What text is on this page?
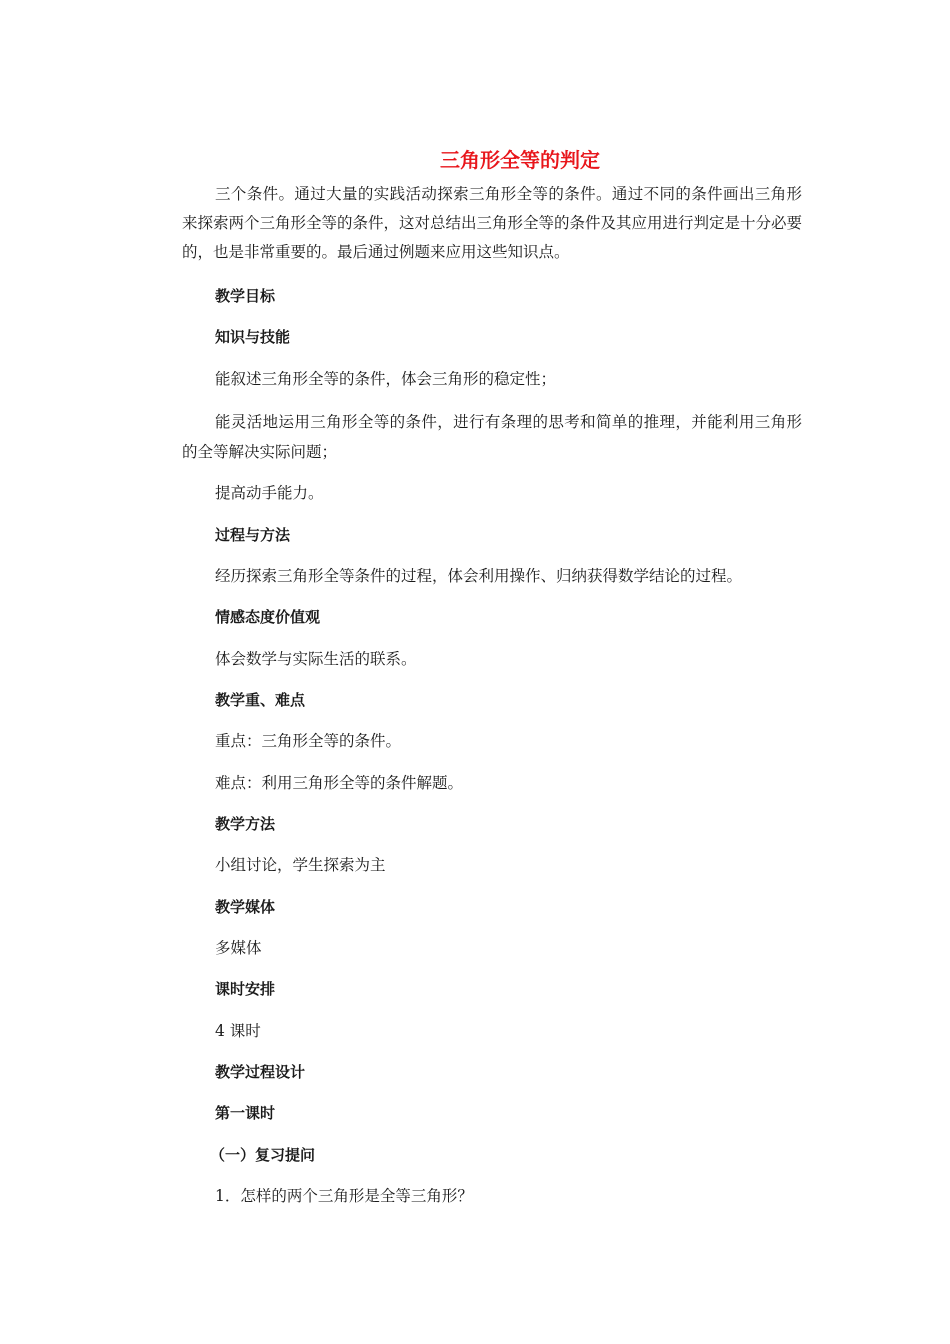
三角形全等的判定

三个条件。通过大量的实践活动探索三角形全等的条件。通过不同的条件画出三角形来探索两个三角形全等的条件，这对总结出三角形全等的条件及其应用进行判定是十分必要的，也是非常重要的。最后通过例题来应用这些知识点。

教学目标

知识与技能

能叙述三角形全等的条件，体会三角形的稳定性；

能灵活地运用三角形全等的条件，进行有条理的思考和简单的推理，并能利用三角形的全等解决实际问题；

提高动手能力。

过程与方法

经历探索三角形全等条件的过程，体会利用操作、归纳获得数学结论的过程。

情感态度价值观

体会数学与实际生活的联系。

教学重、难点

重点：三角形全等的条件。

难点：利用三角形全等的条件解题。

教学方法

小组讨论，学生探索为主

教学媒体

多媒体

课时安排

4 课时

教学过程设计

第一课时

（一）复习提问

1．怎样的两个三角形是全等三角形？
